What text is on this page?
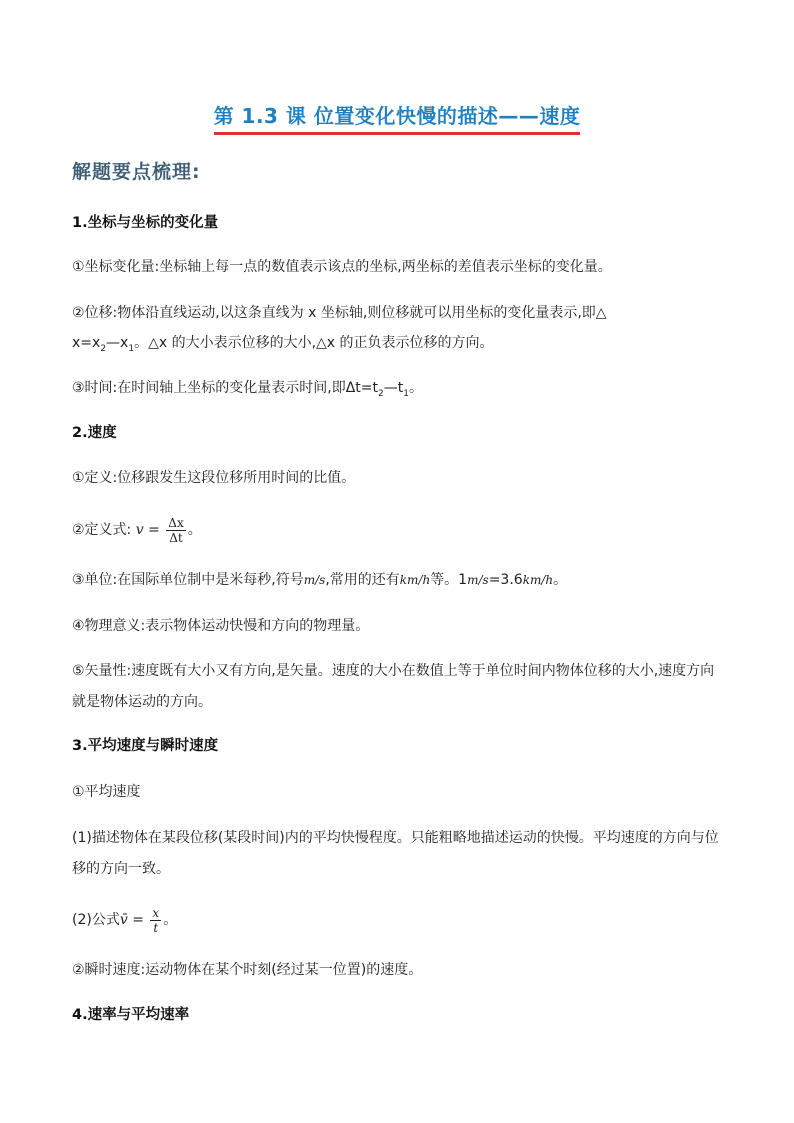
第 1.3 课 位置变化快慢的描述——速度
解题要点梳理:
1.坐标与坐标的变化量
①坐标变化量:坐标轴上每一点的数值表示该点的坐标,两坐标的差值表示坐标的变化量。
②位移:物体沿直线运动,以这条直线为 x 坐标轴,则位移就可以用坐标的变化量表示,即△
$x=x_2—x_1$。△x 的大小表示位移的大小,△x 的正负表示位移的方向。
③时间:在时间轴上坐标的变化量表示时间,即$\Delta t=t_2—t_1$。
2.速度
①定义:位移跟发生这段位移所用时间的比值。
②定义式: $v = \frac{\Delta x}{\Delta t}$ 。
③单位:在国际单位制中是米每秒,符号m/s,常用的还有km/h等。1m/s=3.6km/h。
④物理意义:表示物体运动快慢和方向的物理量。
⑤矢量性:速度既有大小又有方向,是矢量。速度的大小在数值上等于单位时间内物体位移的大小,速度方向就是物体运动的方向。
3.平均速度与瞬时速度
①平均速度
(1)描述物体在某段位移(某段时间)内的平均快慢程度。只能粗略地描述运动的快慢。平均速度的方向与位移的方向一致。
(2)公式v̄ = $\frac{x}{t}$ 。
②瞬时速度:运动物体在某个时刻(经过某一位置)的速度。
4.速率与平均速率
